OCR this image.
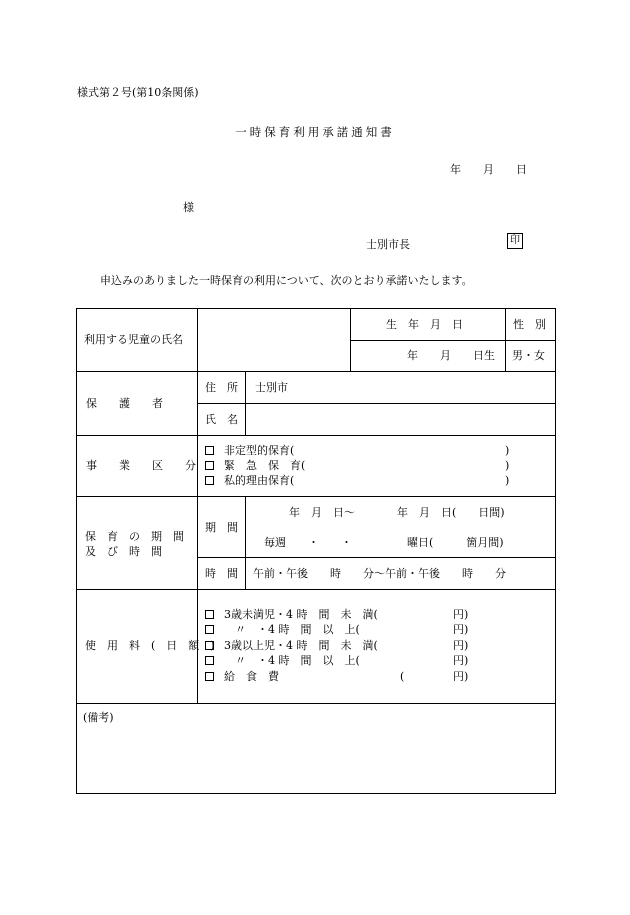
様式第２号(第10条関係)
一時保育利用承諾通知書
年 月 日
様
士別市長	印
申込みのありました一時保育の利用について、次のとおり承諾いたします。
利用する児童の氏名
生　年　月　日	性　別
年　　月　　日生 男・女
保　　護　　者
住　所 士別市
氏　名
事　　業　　区　　分
非定型的保育(	)
緊　急　保　育(	)
私的理由保育(	)
保　育　の　期　間
及　び　時　間
期　間
年　月　日〜	年　月　日(　　日間)
毎週　　・　　・	曜日(　　　箇月間)
時　間 午前・午後　　時　　分〜午前・午後　　時　　分
使　用　料　(　日　額　)
3歳未満児・4 時　間　未　満(	円)
　〃　・4 時　間　以　上(	円)
3歳以上児・4 時　間　未　満(	円)
　〃　・4 時　間　以　上(	円)
給　食　費	(	円)
(備考)
